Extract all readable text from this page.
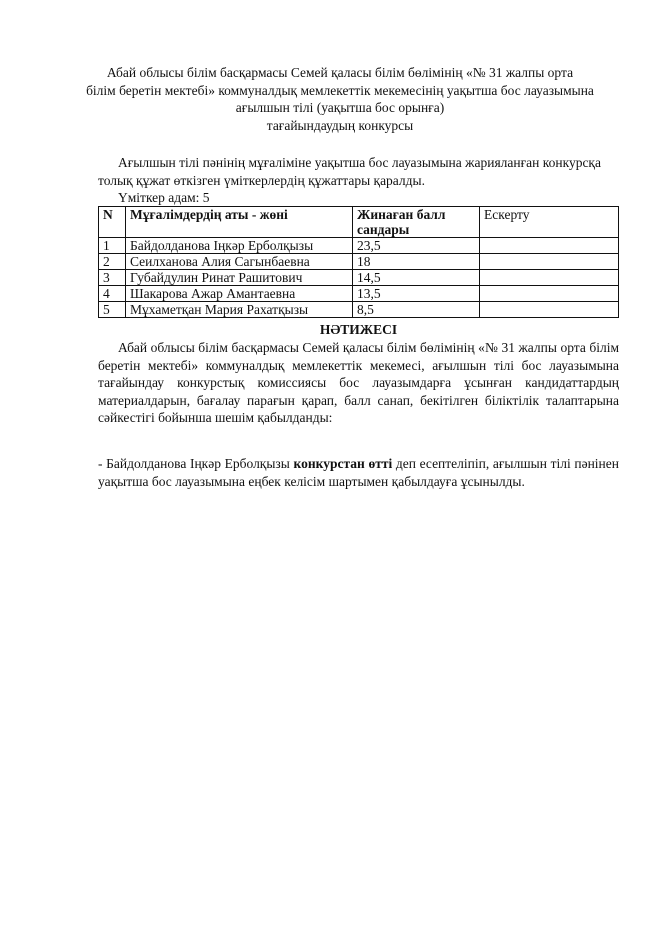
Абай облысы білім басқармасы Семей қаласы білім бөлімінің «№ 31 жалпы орта
білім беретін мектебі» коммуналдық мемлекеттік мекемесінің уақытша бос лауазымына
ағылшын тілі (уақытша бос орынға)
тағайындаудың конкурсы
Ағылшын тілі пәнінің мұғаліміне уақытша бос лауазымына жарияланған конкурсқа
толық құжат өткізген үміткерлердің құжаттары қаралды.
Үміткер адам: 5
N	Мұғалімдердің аты - жөні	Жинаған балл сандары	Ескерту
1	Байдолданова Іңкәр Ерболқызы	23,5	
2	Сеилханова Алия Сагынбаевна	18	
3	Губайдулин Ринат Рашитович	14,5	
4	Шакарова Ажар Амантаевна	13,5	
5	Мұхаметқан Мария Рахатқызы	8,5	
НӘТИЖЕСІ
Абай облысы білім басқармасы Семей қаласы білім бөлімінің «№ 31 жалпы орта білім беретін мектебі» коммуналдық мемлекеттік мекемесі, ағылшын тілі бос лауазымына тағайындау конкурстық комиссиясы бос лауазымдарға ұсынған кандидаттардың материалдарын, бағалау парағын қарап, балл санап, бекітілген біліктілік талаптарына сәйкестігі бойынша шешім қабылданды:
- Байдолданова Іңкәр Ерболқызы конкурстан өтті деп есептеліпіп, ағылшын тілі пәнінен уақытша бос лауазымына еңбек келісім шартымен қабылдауға ұсынылды.
